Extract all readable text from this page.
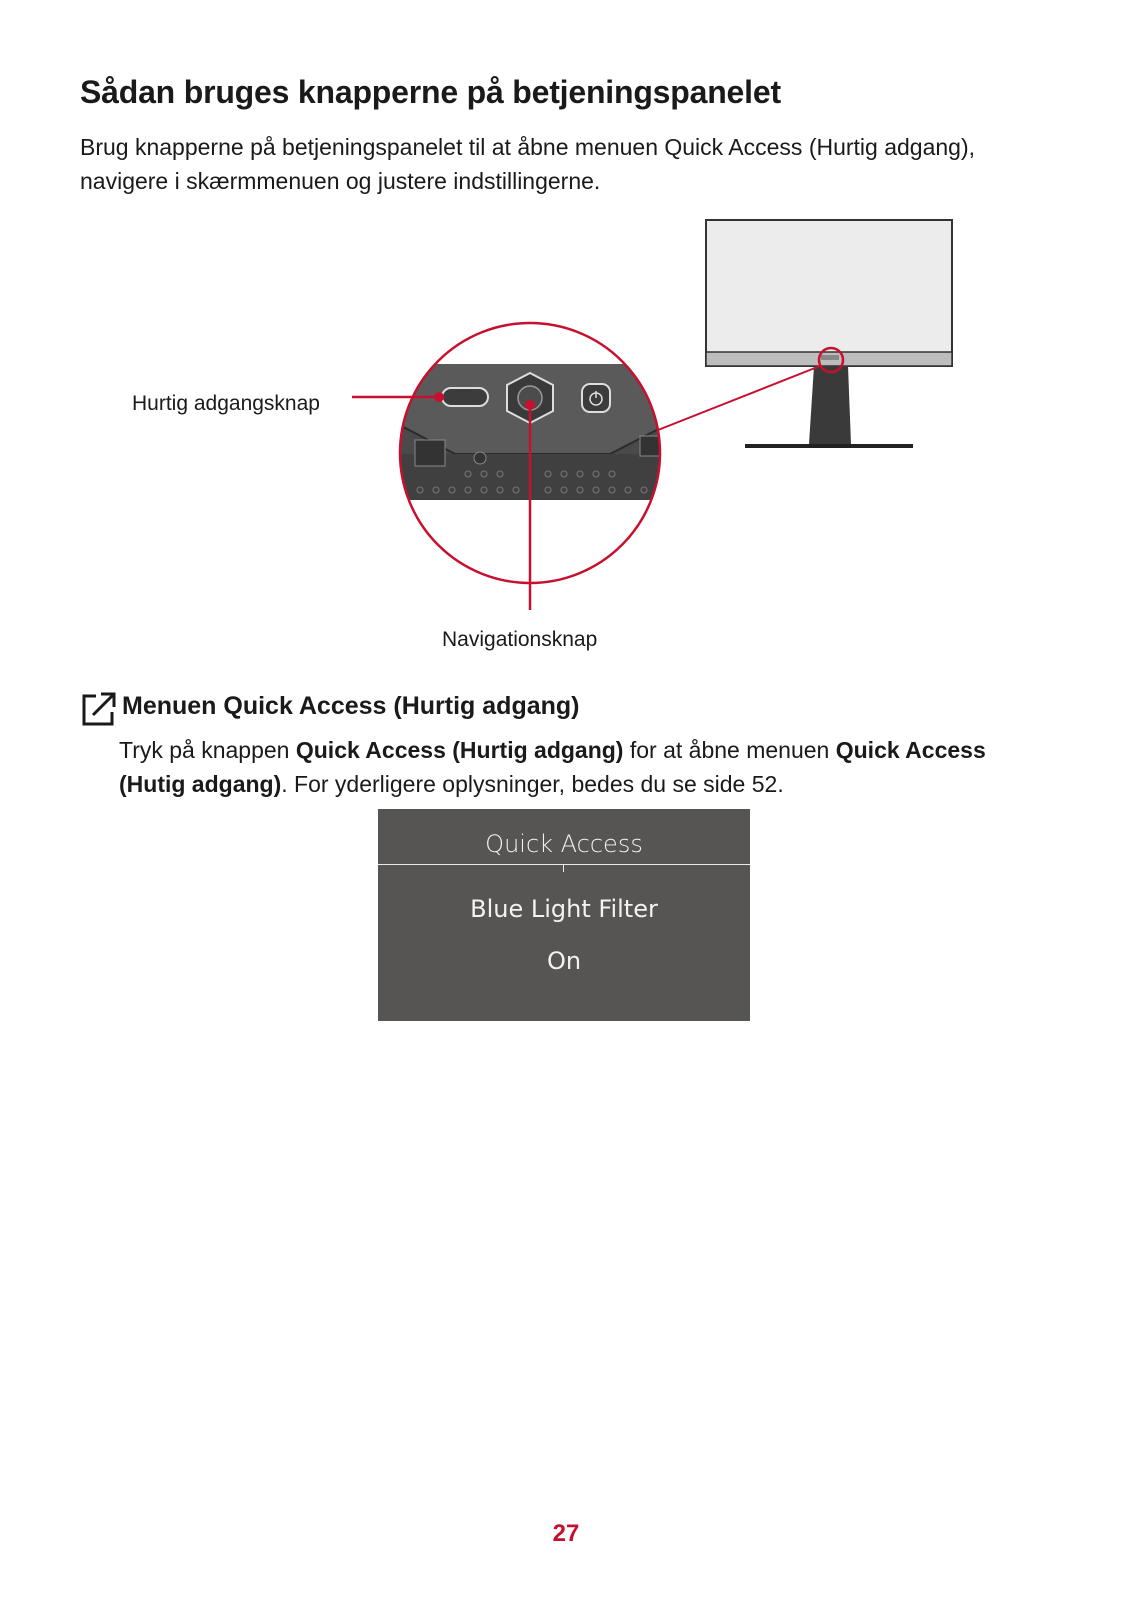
Sådan bruges knapperne på betjeningspanelet

Brug knapperne på betjeningspanelet til at åbne menuen Quick Access (Hurtig adgang), navigere i skærmmenuen og justere indstillingerne.

Hurtig adgangsknap
Navigationsknap
Menuen Quick Access (Hurtig adgang)

Tryk på knappen Quick Access (Hurtig adgang) for at åbne menuen Quick Access (Hutig adgang). For yderligere oplysninger, bedes du se side 52.

Quick Access
Blue Light Filter
On
27
